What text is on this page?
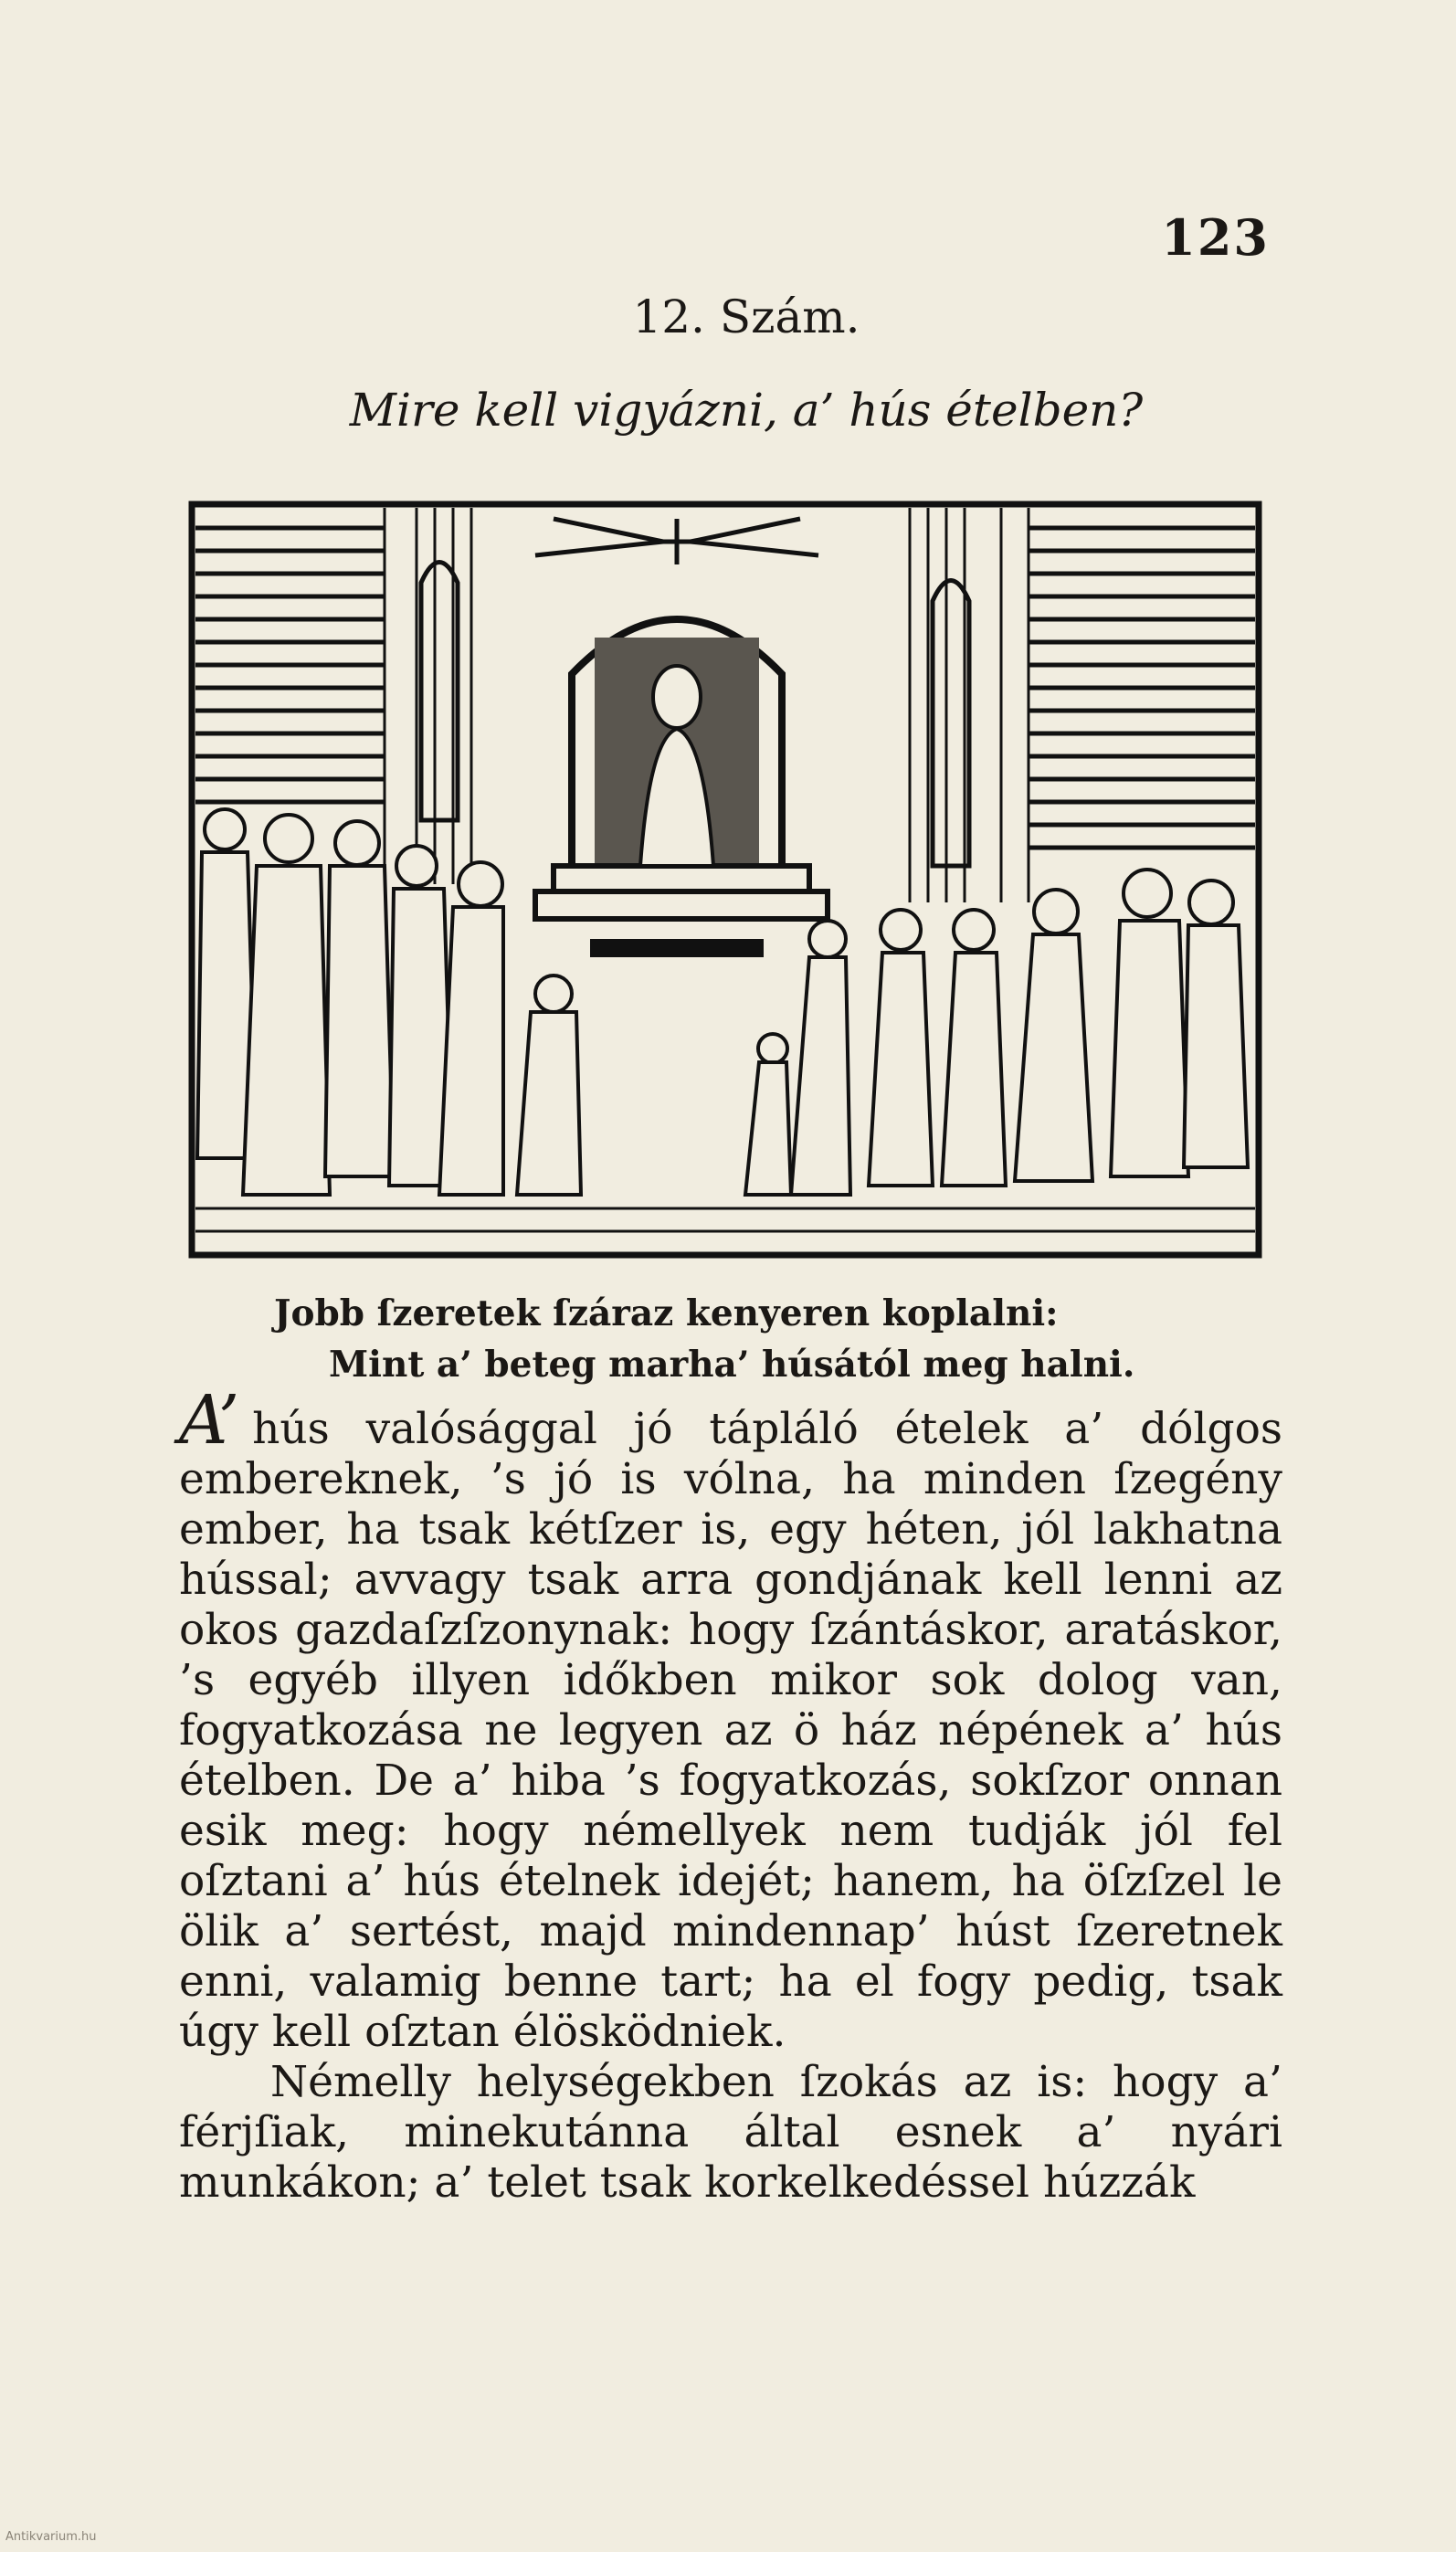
123
12. Szám.
Mire kell vigyázni, a’ hús ételben?
Jobb ſzeretek ſzáraz kenyeren koplalni:
Mint a’ beteg marha’ húsától meg halni.

A’ hús valósággal jó tápláló ételek a’ dólgos embereknek, ’s jó is vólna, ha minden ſzegény ember, ha tsak kétſzer is, egy héten, jól lakhatna hússal; avvagy tsak arra gondjának kell lenni az okos gazdaſzſzonynak: hogy ſzántáskor, aratáskor, ’s egyéb illyen időkben mikor sok dolog van, fogyatkozása ne legyen az ö ház népének a’ hús ételben. De a’ hiba ’s fogyatkozás, sokſzor onnan esik meg: hogy némellyek nem tudják jól fel oſztani a’ hús ételnek idejét; hanem, ha öſzſzel le ölik a’ sertést, majd mindennap’ húst ſzeretnek enni, valamig benne tart; ha el fogy pedig, tsak úgy kell oſztan élösködniek.

Némelly helységekben ſzokás az is: hogy a’ férjſiak, minekutánna által esnek a’ nyári munkákon; a’ telet tsak korkelkedéssel húzzák

Antikvarium.hu
